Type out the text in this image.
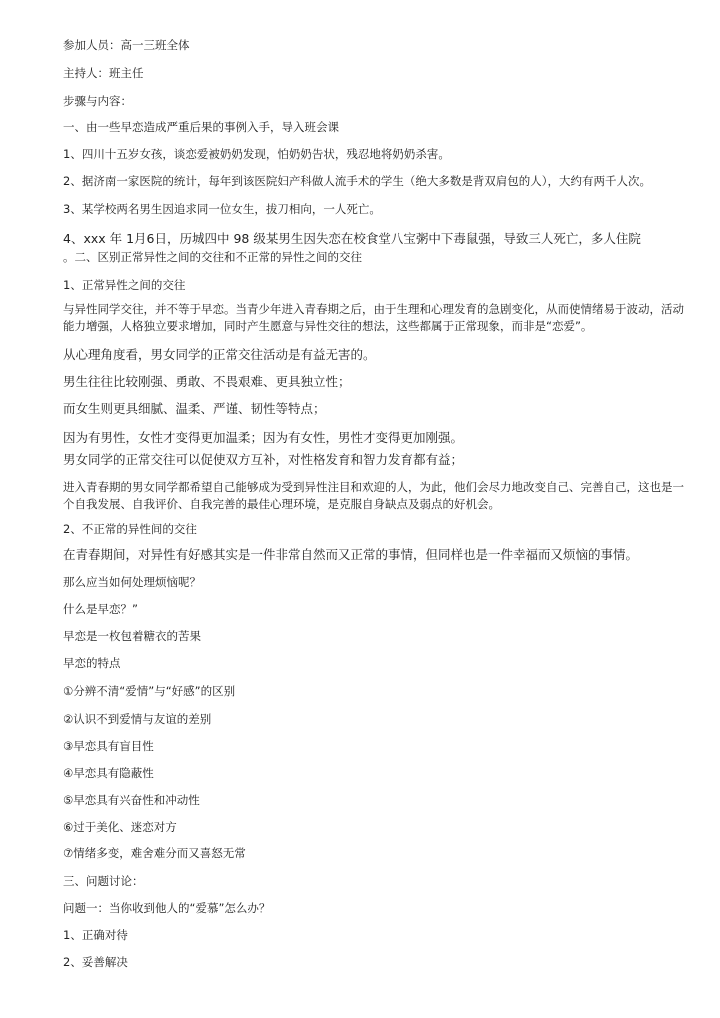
参加人员：高一三班全体
主持人：班主任
步骤与内容：
一、由一些早恋造成严重后果的事例入手，导入班会课
1、四川十五岁女孩，谈恋爱被奶奶发现，怕奶奶告状，残忍地将奶奶杀害。
2、据济南一家医院的统计，每年到该医院妇产科做人流手术的学生（绝大多数是背双肩包的人），大约有两千人次。
3、某学校两名男生因追求同一位女生，拔刀相向，一人死亡。
4、xxx 年 1月6日，历城四中 98 级某男生因失恋在校食堂八宝粥中下毒鼠强，导致三人死亡，多人住院
。二、区别正常异性之间的交往和不正常的异性之间的交往
1、正常异性之间的交往
与异性同学交往，并不等于早恋。当青少年进入青春期之后，由于生理和心理发育的急剧变化，从而使情绪易于波动，活动能力增强，人格独立要求增加，同时产生愿意与异性交往的想法，这些都属于正常现象，而非是“恋爱”。
从心理角度看，男女同学的正常交往活动是有益无害的。
男生往往比较刚强、勇敢、不畏艰难、更具独立性；
而女生则更具细腻、温柔、严谨、韧性等特点；
因为有男性，女性才变得更加温柔；因为有女性，男性才变得更加刚强。
男女同学的正常交往可以促使双方互补，对性格发育和智力发育都有益；
进入青春期的男女同学都希望自己能够成为受到异性注目和欢迎的人，为此，他们会尽力地改变自己、完善自己，这也是一个自我发展、自我评价、自我完善的最佳心理环境，是克服自身缺点及弱点的好机会。
2、不正常的异性间的交往
在青春期间，对异性有好感其实是一件非常自然而又正常的事情，但同样也是一件幸福而又烦恼的事情。
那么应当如何处理烦恼呢？
什么是早恋？”
早恋是一枚包着糖衣的苦果
早恋的特点
①分辨不清“爱情”与“好感”的区别
②认识不到爱情与友谊的差别
③早恋具有盲目性
④早恋具有隐蔽性
⑤早恋具有兴奋性和冲动性
⑥过于美化、迷恋对方
⑦情绪多变，难舍难分而又喜怒无常
三、问题讨论：
问题一：当你收到他人的“爱慕”怎么办？
1、正确对待
2、妥善解决
